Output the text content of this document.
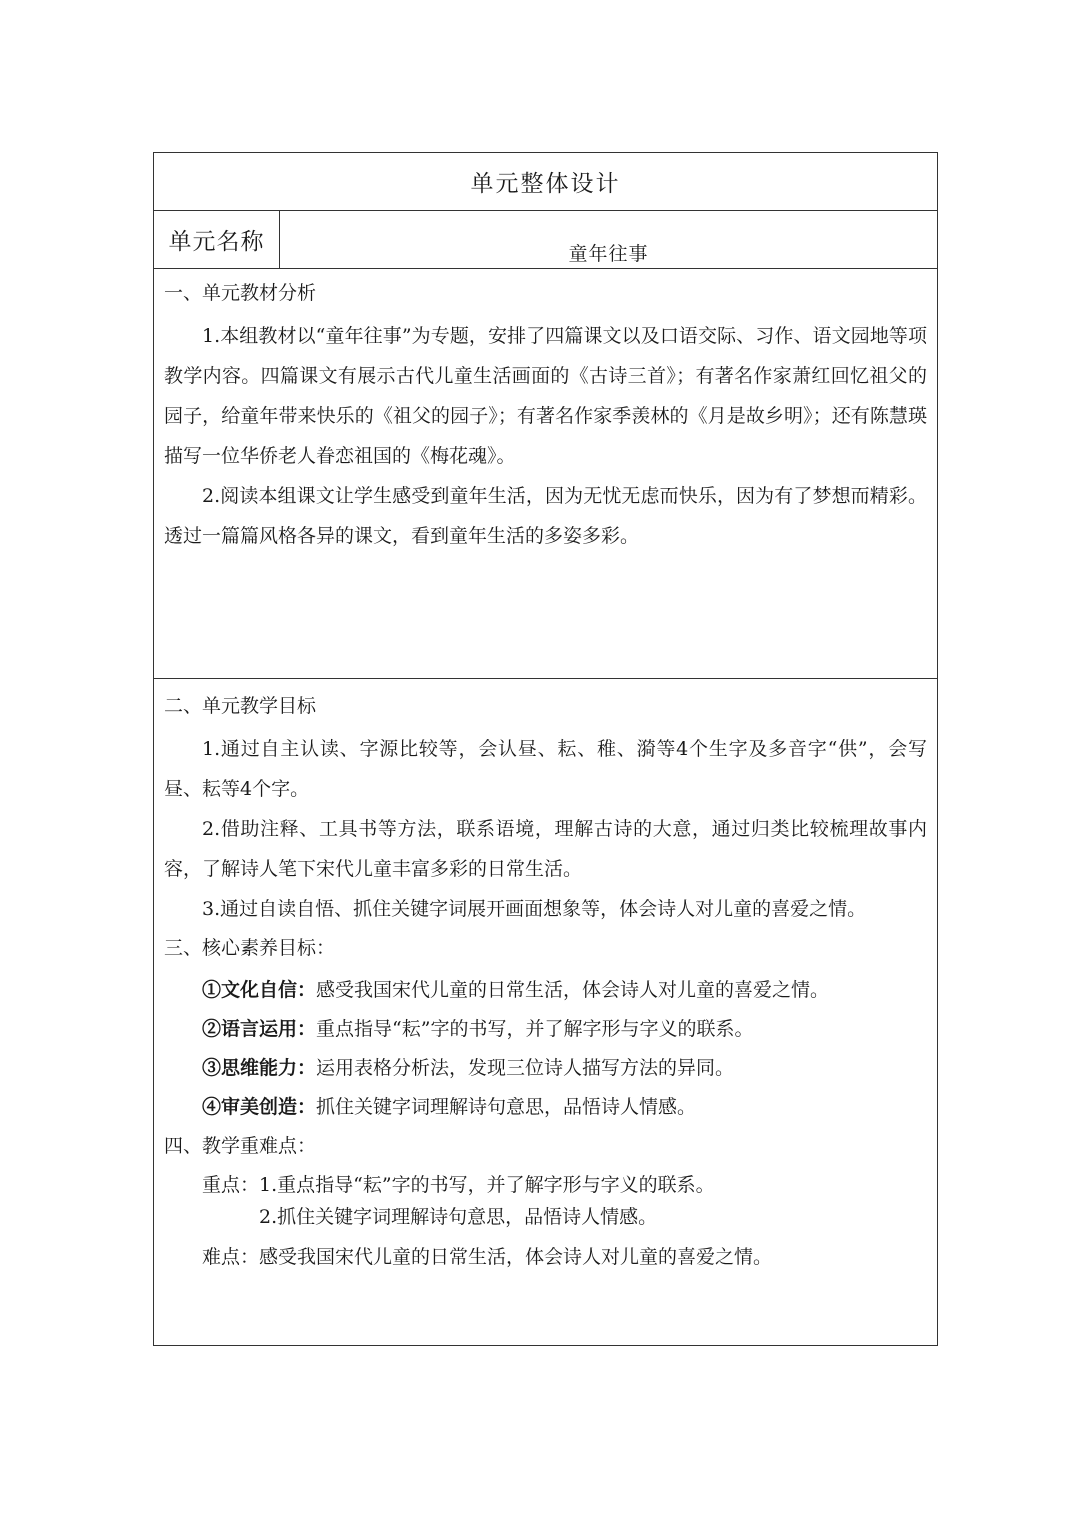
单元整体设计
单元名称	童年往事

一、单元教材分析

1.本组教材以“童年往事”为专题，安排了四篇课文以及口语交际、习作、语文园地等项教学内容。四篇课文有展示古代儿童生活画面的《古诗三首》；有著名作家萧红回忆祖父的园子，给童年带来快乐的《祖父的园子》；有著名作家季羡林的《月是故乡明》；还有陈慧瑛描写一位华侨老人眷恋祖国的《梅花魂》。

2.阅读本组课文让学生感受到童年生活，因为无忧无虑而快乐，因为有了梦想而精彩。透过一篇篇风格各异的课文，看到童年生活的多姿多彩。

二、单元教学目标

1.通过自主认读、字源比较等，会认昼、耘、稚、漪等4个生字及多音字“供”，会写昼、耘等4个字。

2.借助注释、工具书等方法，联系语境，理解古诗的大意，通过归类比较梳理故事内容，了解诗人笔下宋代儿童丰富多彩的日常生活。

3.通过自读自悟、抓住关键字词展开画面想象等，体会诗人对儿童的喜爱之情。

三、核心素养目标：

①文化自信：感受我国宋代儿童的日常生活，体会诗人对儿童的喜爱之情。

②语言运用：重点指导“耘”字的书写，并了解字形与字义的联系。

③思维能力：运用表格分析法，发现三位诗人描写方法的异同。

④审美创造：抓住关键字词理解诗句意思，品悟诗人情感。

四、教学重难点：

重点：1.重点指导“耘”字的书写，并了解字形与字义的联系。

2.抓住关键字词理解诗句意思，品悟诗人情感。

难点：感受我国宋代儿童的日常生活，体会诗人对儿童的喜爱之情。
